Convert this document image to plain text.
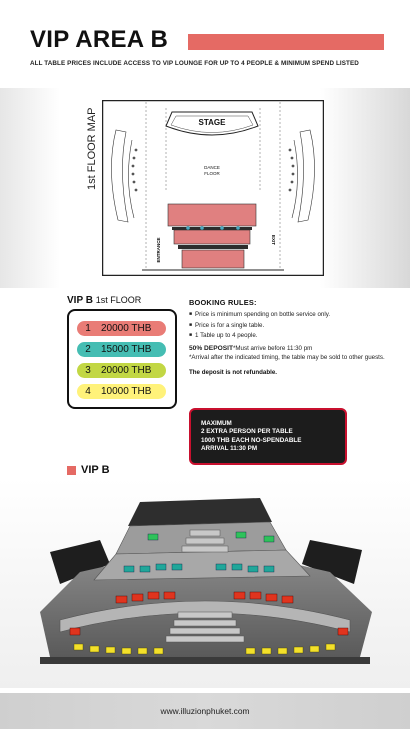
VIP AREA B
ALL TABLE PRICES INCLUDE ACCESS TO VIP LOUNGE FOR UP TO 4 PEOPLE & MINIMUM SPEND LISTED
1st FLOOR MAP	STAGE
DANCE
FLOOR
ENTRANCE	EXIT
VIP B 1st FLOOR
1	20000 THB
2	15000 THB
3	20000 THB
4	10000 THB
BOOKING RULES:
■ Price is minimum spending on bottle service only.
■ Price is for a single table.
■ 1 Table up to 4 people.
50% DEPOSIT*Must arrive before 11:30 pm
*Arrival after the indicated timing, the table may be sold to other guests.
The deposit is not refundable.
MAXIMUM
2 EXTRA PERSON PER TABLE
1000 THB EACH NO-SPENDABLE
ARRIVAL 11:30 PM
VIP B
www.illuzionphuket.com
